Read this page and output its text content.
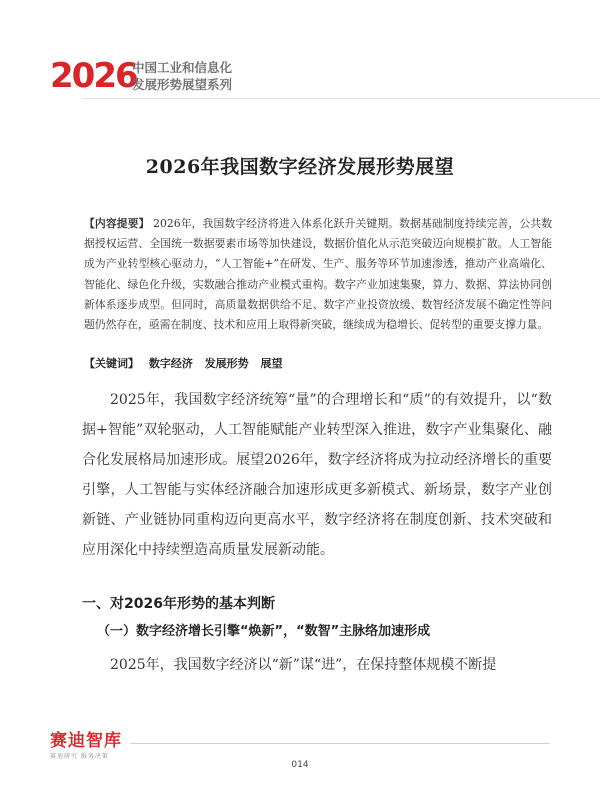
2026
中国工业和信息化
发展形势展望系列
2026年我国数字经济发展形势展望
【内容提要】 2026年，我国数字经济将进入体系化跃升关键期。数据基础制度持续完善，公共数据授权运营、全国统一数据要素市场等加快建设，数据价值化从示范突破迈向规模扩散。人工智能成为产业转型核心驱动力，“人工智能+”在研发、生产、服务等环节加速渗透，推动产业高端化、智能化、绿色化升级，实数融合推动产业模式重构。数字产业加速集聚，算力、数据、算法协同创新体系逐步成型。但同时，高质量数据供给不足、数字产业投资放缓、数智经济发展不确定性等问题仍然存在，亟需在制度、技术和应用上取得新突破，继续成为稳增长、促转型的重要支撑力量。
【关键词】 数字经济 发展形势 展望
2025年，我国数字经济统筹“量”的合理增长和“质”的有效提升，以“数据+智能”双轮驱动，人工智能赋能产业转型深入推进，数字产业集聚化、融合化发展格局加速形成。展望2026年，数字经济将成为拉动经济增长的重要引擎，人工智能与实体经济融合加速形成更多新模式、新场景，数字产业创新链、产业链协同重构迈向更高水平，数字经济将在制度创新、技术突破和应用深化中持续塑造高质量发展新动能。
一、对2026年形势的基本判断
（一）数字经济增长引擎“焕新”，“数智”主脉络加速形成
2025年，我国数字经济以“新”谋“进”，在保持整体规模不断提
赛迪智库
赛迪研究 服务决策
014
